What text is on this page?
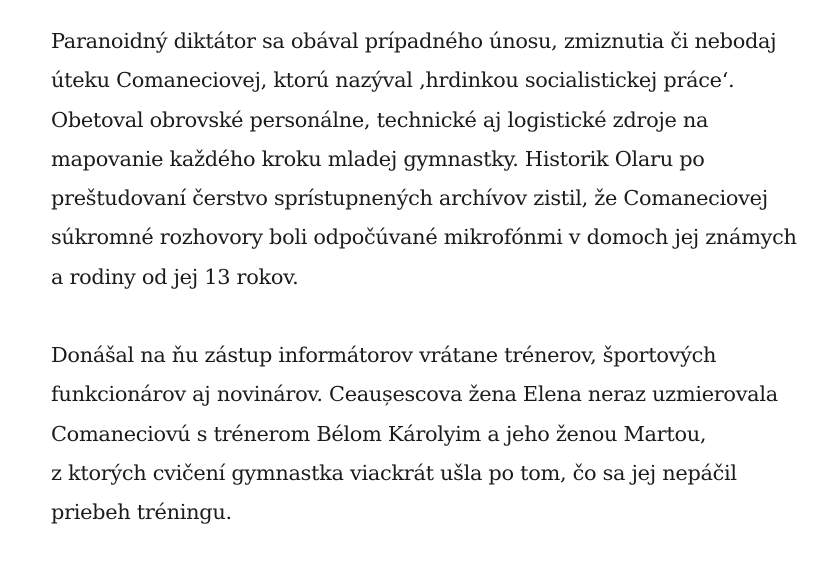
Paranoidný diktátor sa obával prípadného únosu, zmiznutia či nebodaj
úteku Comaneciovej, ktorú nazýval ‚hrdinkou socialistickej práce‘.
Obetoval obrovské personálne, technické aj logistické zdroje na
mapovanie každého kroku mladej gymnastky. Historik Olaru po
preštudovaní čerstvo sprístupnených archívov zistil, že Comaneciovej
súkromné rozhovory boli odpočúvané mikrofónmi v domoch jej známych
a rodiny od jej 13 rokov.

Donášal na ňu zástup informátorov vrátane trénerov, športových
funkcionárov aj novinárov. Ceaușescova žena Elena neraz uzmierovala
Comaneciovú s trénerom Bélom Károlyim a jeho ženou Martou,
z ktorých cvičení gymnastka viackrát ušla po tom, čo sa jej nepáčil
priebeh tréningu.
